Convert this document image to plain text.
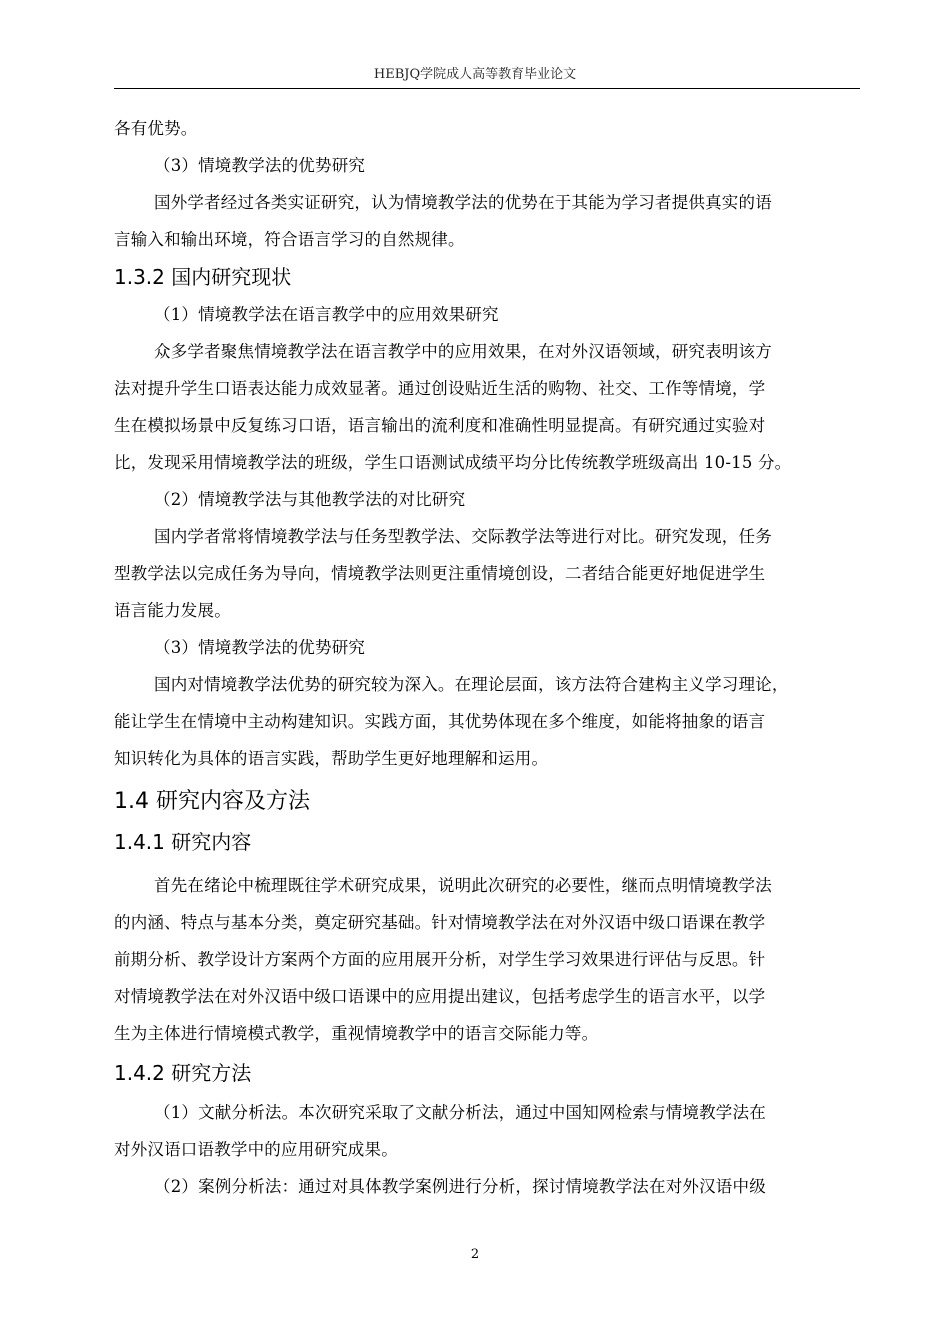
HEBJQ学院成人高等教育毕业论文

各有优势。

（3）情境教学法的优势研究

国外学者经过各类实证研究，认为情境教学法的优势在于其能为学习者提供真实的语

言输入和输出环境，符合语言学习的自然规律。

1.3.2 国内研究现状

（1）情境教学法在语言教学中的应用效果研究

众多学者聚焦情境教学法在语言教学中的应用效果，在对外汉语领域，研究表明该方

法对提升学生口语表达能力成效显著。通过创设贴近生活的购物、社交、工作等情境，学

生在模拟场景中反复练习口语，语言输出的流利度和准确性明显提高。有研究通过实验对

比，发现采用情境教学法的班级，学生口语测试成绩平均分比传统教学班级高出 10-15 分。

（2）情境教学法与其他教学法的对比研究

国内学者常将情境教学法与任务型教学法、交际教学法等进行对比。研究发现，任务

型教学法以完成任务为导向，情境教学法则更注重情境创设，二者结合能更好地促进学生

语言能力发展。

（3）情境教学法的优势研究

国内对情境教学法优势的研究较为深入。在理论层面，该方法符合建构主义学习理论，

能让学生在情境中主动构建知识。实践方面，其优势体现在多个维度，如能将抽象的语言

知识转化为具体的语言实践，帮助学生更好地理解和运用。

1.4 研究内容及方法
1.4.1 研究内容

首先在绪论中梳理既往学术研究成果，说明此次研究的必要性，继而点明情境教学法

的内涵、特点与基本分类，奠定研究基础。针对情境教学法在对外汉语中级口语课在教学

前期分析、教学设计方案两个方面的应用展开分析，对学生学习效果进行评估与反思。针

对情境教学法在对外汉语中级口语课中的应用提出建议，包括考虑学生的语言水平，以学

生为主体进行情境模式教学，重视情境教学中的语言交际能力等。

1.4.2 研究方法

（1）文献分析法。本次研究采取了文献分析法，通过中国知网检索与情境教学法在

对外汉语口语教学中的应用研究成果。

（2）案例分析法：通过对具体教学案例进行分析，探讨情境教学法在对外汉语中级

2
